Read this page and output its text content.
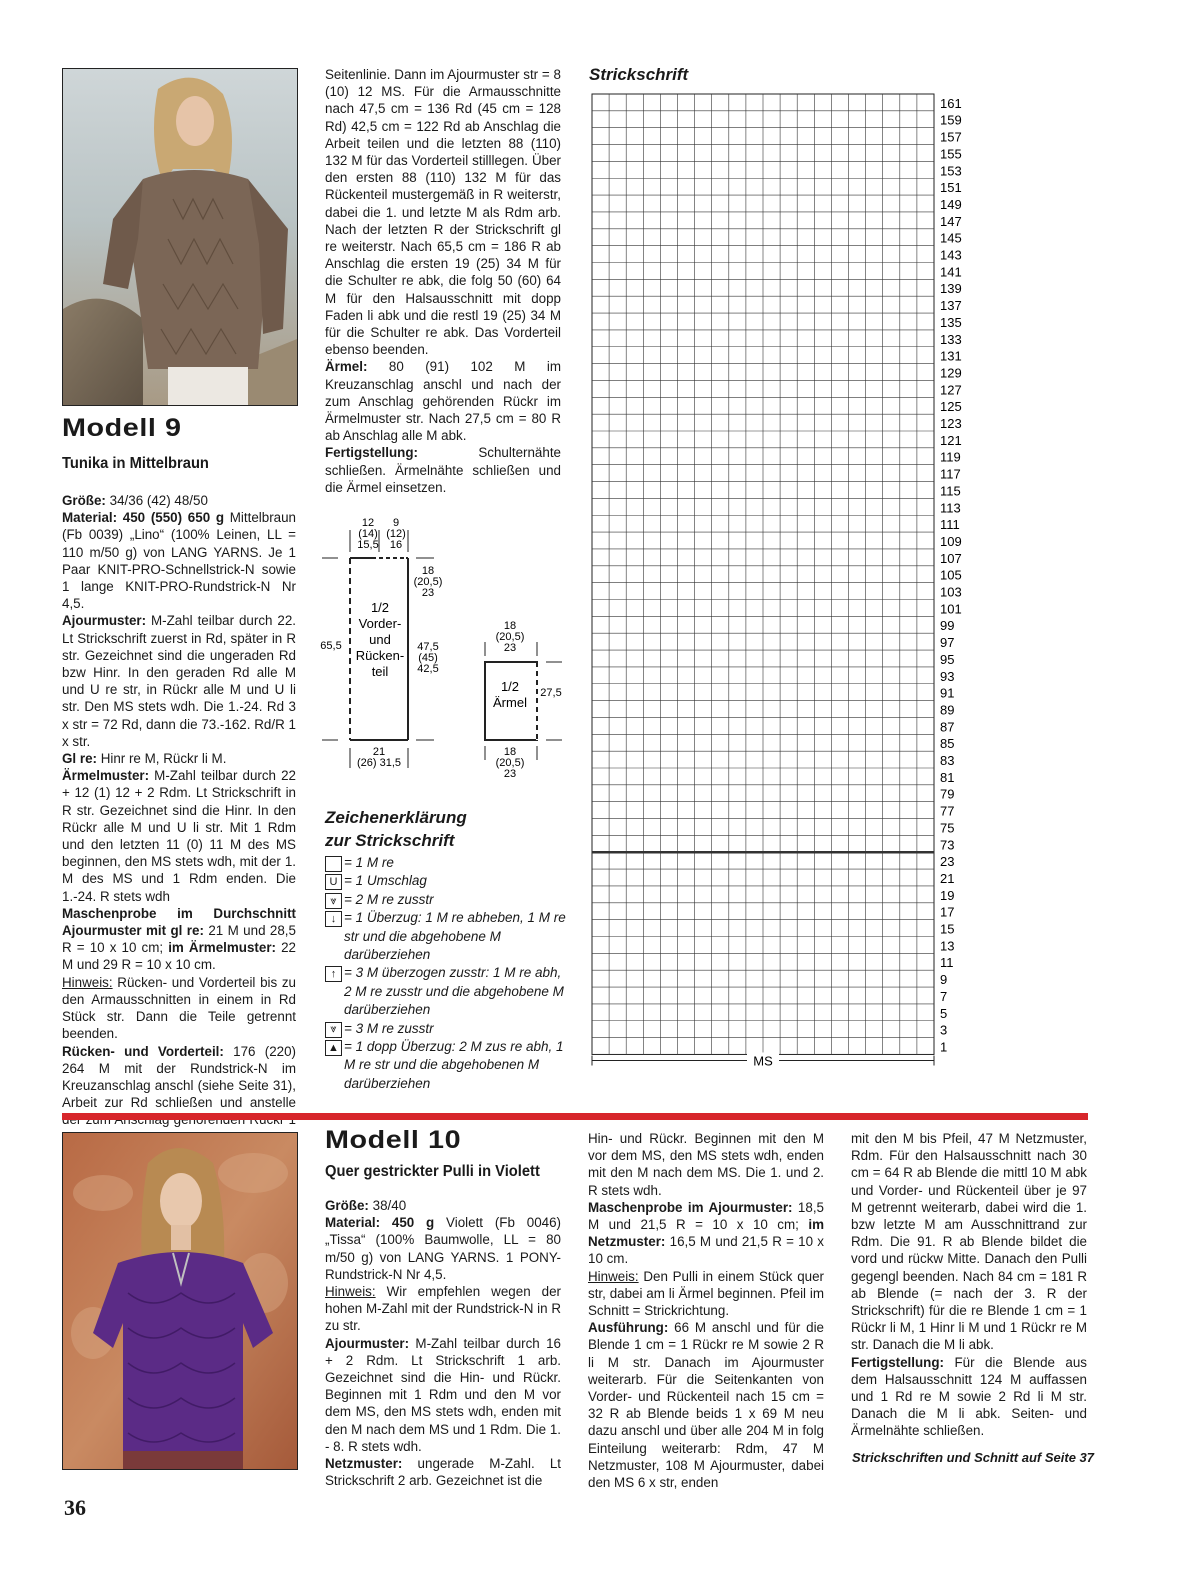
Modell 9
Tunika in Mittelbraun

Größe: 34/36 (42) 48/50

Material: 450 (550) 650 g Mittelbraun (Fb 0039) „Lino“ (100% Leinen, LL = 110 m/50 g) von LANG YARNS. Je 1 Paar KNIT-PRO-Schnellstrick-N sowie 1 lange KNIT-PRO-Rundstrick-N Nr 4,5.

Ajourmuster: M-Zahl teilbar durch 22. Lt Strickschrift zuerst in Rd, später in R str. Gezeichnet sind die ungeraden Rd bzw Hinr. In den geraden Rd alle M und U re str, in Rückr alle M und U li str. Den MS stets wdh. Die 1.-24. Rd 3 x str = 72 Rd, dann die 73.-162. Rd/R 1 x str.

Gl re: Hinr re M, Rückr li M.

Ärmelmuster: M-Zahl teilbar durch 22 + 12 (1) 12 + 2 Rdm. Lt Strickschrift in R str. Gezeichnet sind die Hinr. In den Rückr alle M und U li str. Mit 1 Rdm und den letzten 11 (0) 11 M des MS beginnen, den MS stets wdh, mit der 1. M des MS und 1 Rdm enden. Die 1.-24. R stets wdh

Maschenprobe im Durchschnitt Ajourmuster mit gl re: 21 M und 28,5 R = 10 x 10 cm; im Ärmelmuster: 22 M und 29 R = 10 x 10 cm.

Hinweis: Rücken- und Vorderteil bis zu den Armausschnitten in einem in Rd Stück str. Dann die Teile getrennt beenden.

Rücken- und Vorderteil: 176 (220) 264 M mit der Rundstrick-N im Kreuzanschlag anschl (siehe Seite 31), Arbeit zur Rd schließen und anstelle

Seitenlinie. Dann im Ajourmuster str = 8 (10) 12 MS. Für die Armausschnitte nach 47,5 cm = 136 Rd (45 cm = 128 Rd) 42,5 cm = 122 Rd ab Anschlag die Arbeit teilen und die letzten 88 (110) 132 M für das Vorderteil stilllegen. Über den ersten 88 (110) 132 M für das Rückenteil mustergemäß in R weiterstr, dabei die 1. und letzte M als Rdm arb. Nach der letzten R der Strickschrift gl re weiterstr. Nach 65,5 cm = 186 R ab Anschlag die ersten 19 (25) 34 M für die Schulter re abk, die folg 50 (60) 64 M für den Halsausschnitt mit dopp Faden li abk und die restl 19 (25) 34 M für die Schulter re abk. Das Vorderteil ebenso beenden.

Ärmel: 80 (91) 102 M im Kreuzanschlag anschl und nach der zum Anschlag gehörenden Rückr im Ärmelmuster str. Nach 27,5 cm = 80 R ab Anschlag alle M abk.

Fertigstellung: Schulternähte schließen. Ärmelnähte schließen und die Ärmel einsetzen.

12 (14) 15,5
9 (12) 16
18 (20,5) 23
65,5	47,5 (45) 42,5
21 (26) 31,5
1/2 Vorder-und Rücken-teil
18 (20,5) 23
27,5
18 (20,5) 23
1/2 Ärmel
Zeichenerklärung
zur Strickschrift
= 1 M re
U = 1 Umschlag
⩔ = 2 M re zusstr
↓ = 1 Überzug: 1 M re abheben, 1 M re str und die abgehobene M darüberziehen
↑ = 3 M überzogen zusstr: 1 M re abh, 2 M re zusstr und die abgehobene M darüberziehen
⩔ = 3 M re zusstr
▲ = 1 dopp Überzug: 2 M zus re abh, 1 M re str und die abgehobenen M darüberziehen
Strickschrift
161
159
157
155
153
151
149
147
145
143
141
139
137
135
133
131
129
127
125
123
121
119
117
115
113
111
109
107
105
103
101
99
97
95
93
91
89
87
85
83
81
79
77
75
73
23
21
19
17
15
13
11
9
7
5
3
1
MS
Modell 10
Quer gestrickter Pulli in Violett

Größe: 38/40

Material: 450 g Violett (Fb 0046) „Tissa“ (100% Baumwolle, LL = 80 m/50 g) von LANG YARNS. 1 PONY-Rundstrick-N Nr 4,5.

Hinweis: Wir empfehlen wegen der hohen M-Zahl mit der Rundstrick-N in R zu str.

Ajourmuster: M-Zahl teilbar durch 16 + 2 Rdm. Lt Strickschrift 1 arb. Gezeichnet sind die Hin- und Rückr. Beginnen mit 1 Rdm und den M vor dem MS, den MS stets wdh, enden mit den M nach dem MS und 1 Rdm. Die 1. - 8. R stets wdh.

Netzmuster: ungerade M-Zahl. Lt Strickschrift 2 arb. Gezeichnet ist die

Hin- und Rückr. Beginnen mit den M vor dem MS, den MS stets wdh, enden mit den M nach dem MS. Die 1. und 2. R stets wdh.

Maschenprobe im Ajourmuster: 18,5 M und 21,5 R = 10 x 10 cm; im Netzmuster: 16,5 M und 21,5 R = 10 x 10 cm.

Hinweis: Den Pulli in einem Stück quer str, dabei am li Ärmel beginnen. Pfeil im Schnitt = Strickrichtung.

Ausführung: 66 M anschl und für die Blende 1 cm = 1 Rückr re M sowie 2 R li M str. Danach im Ajourmuster weiterarb. Für die Seitenkanten von Vorder- und Rückenteil nach 15 cm = 32 R ab Blende beids 1 x 69 M neu dazu anschl und über alle 204 M in folg Einteilung weiterarb: Rdm, 47 M Netzmuster, 108 M Ajourmuster, dabei den MS 6 x str, enden

mit den M bis Pfeil, 47 M Netzmuster, Rdm. Für den Halsausschnitt nach 30 cm = 64 R ab Blende die mittl 10 M abk und Vorder- und Rückenteil über je 97 M getrennt weiterarb, dabei wird die 1. bzw letzte M am Ausschnittrand zur Rdm. Die 91. R ab Blende bildet die vord und rückw Mitte. Danach den Pulli gegengl beenden. Nach 84 cm = 181 R ab Blende (= nach der 3. R der Strickschrift) für die re Blende 1 cm = 1 Rückr li M, 1 Hinr li M und 1 Rückr re M str. Danach die M li abk.

Fertigstellung: Für die Blende aus dem Halsausschnitt 124 M auffassen und 1 Rd re M sowie 2 Rd li M str. Danach die M li abk. Seiten- und Ärmelnähte schließen.

Strickschriften und Schnitt auf Seite 37
36
